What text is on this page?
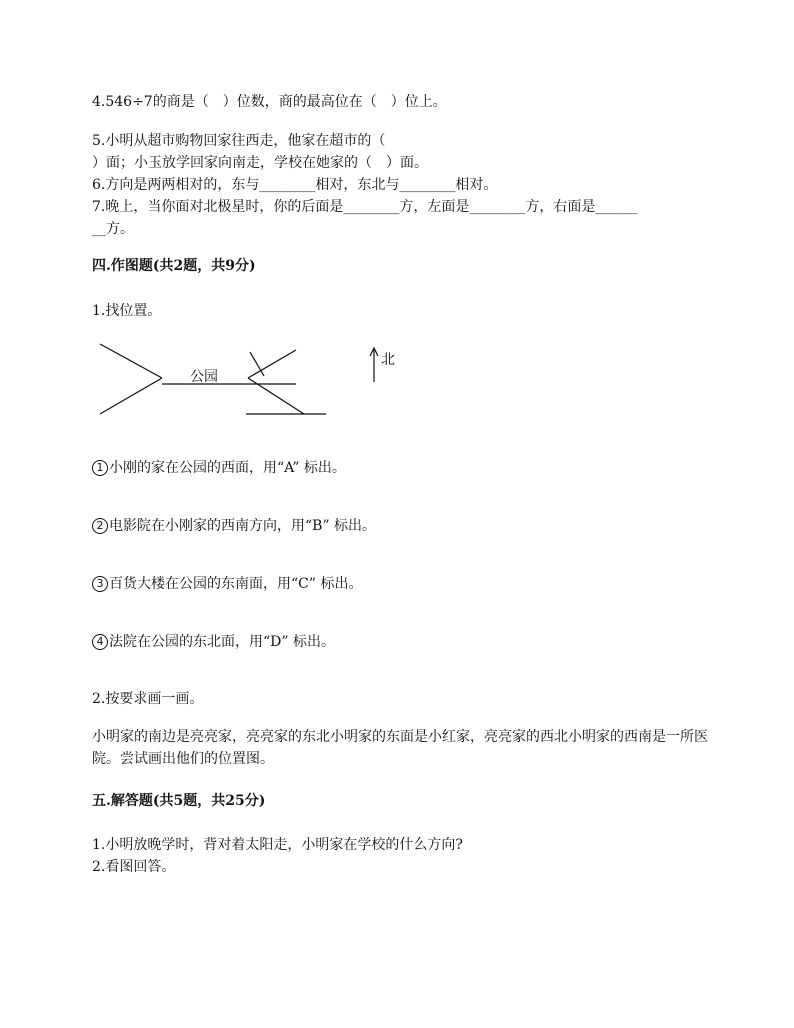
4.546÷7的商是（　）位数，商的最高位在（　）位上。
5.小明从超市购物回家往西走，他家在超市的（
）面；小玉放学回家向南走，学校在她家的（　）面。
6.方向是两两相对的，东与________相对，东北与________相对。
7.晚上，当你面对北极星时，你的后面是________方，左面是________方，右面是______
__方。
四.作图题(共2题，共9分)
1.找位置。
公园
北
1 小刚的家在公园的西面，用“A” 标出。
2 电影院在小刚家的西南方向，用“B” 标出。
3 百货大楼在公园的东南面，用“C” 标出。
4 法院在公园的东北面，用“D” 标出。
2.按要求画一画。
小明家的南边是亮亮家，亮亮家的东北小明家的东面是小红家，亮亮家的西北小明家的西南是一所医院。尝试画出他们的位置图。
五.解答题(共5题，共25分)
1.小明放晚学时，背对着太阳走，小明家在学校的什么方向?
2.看图回答。
